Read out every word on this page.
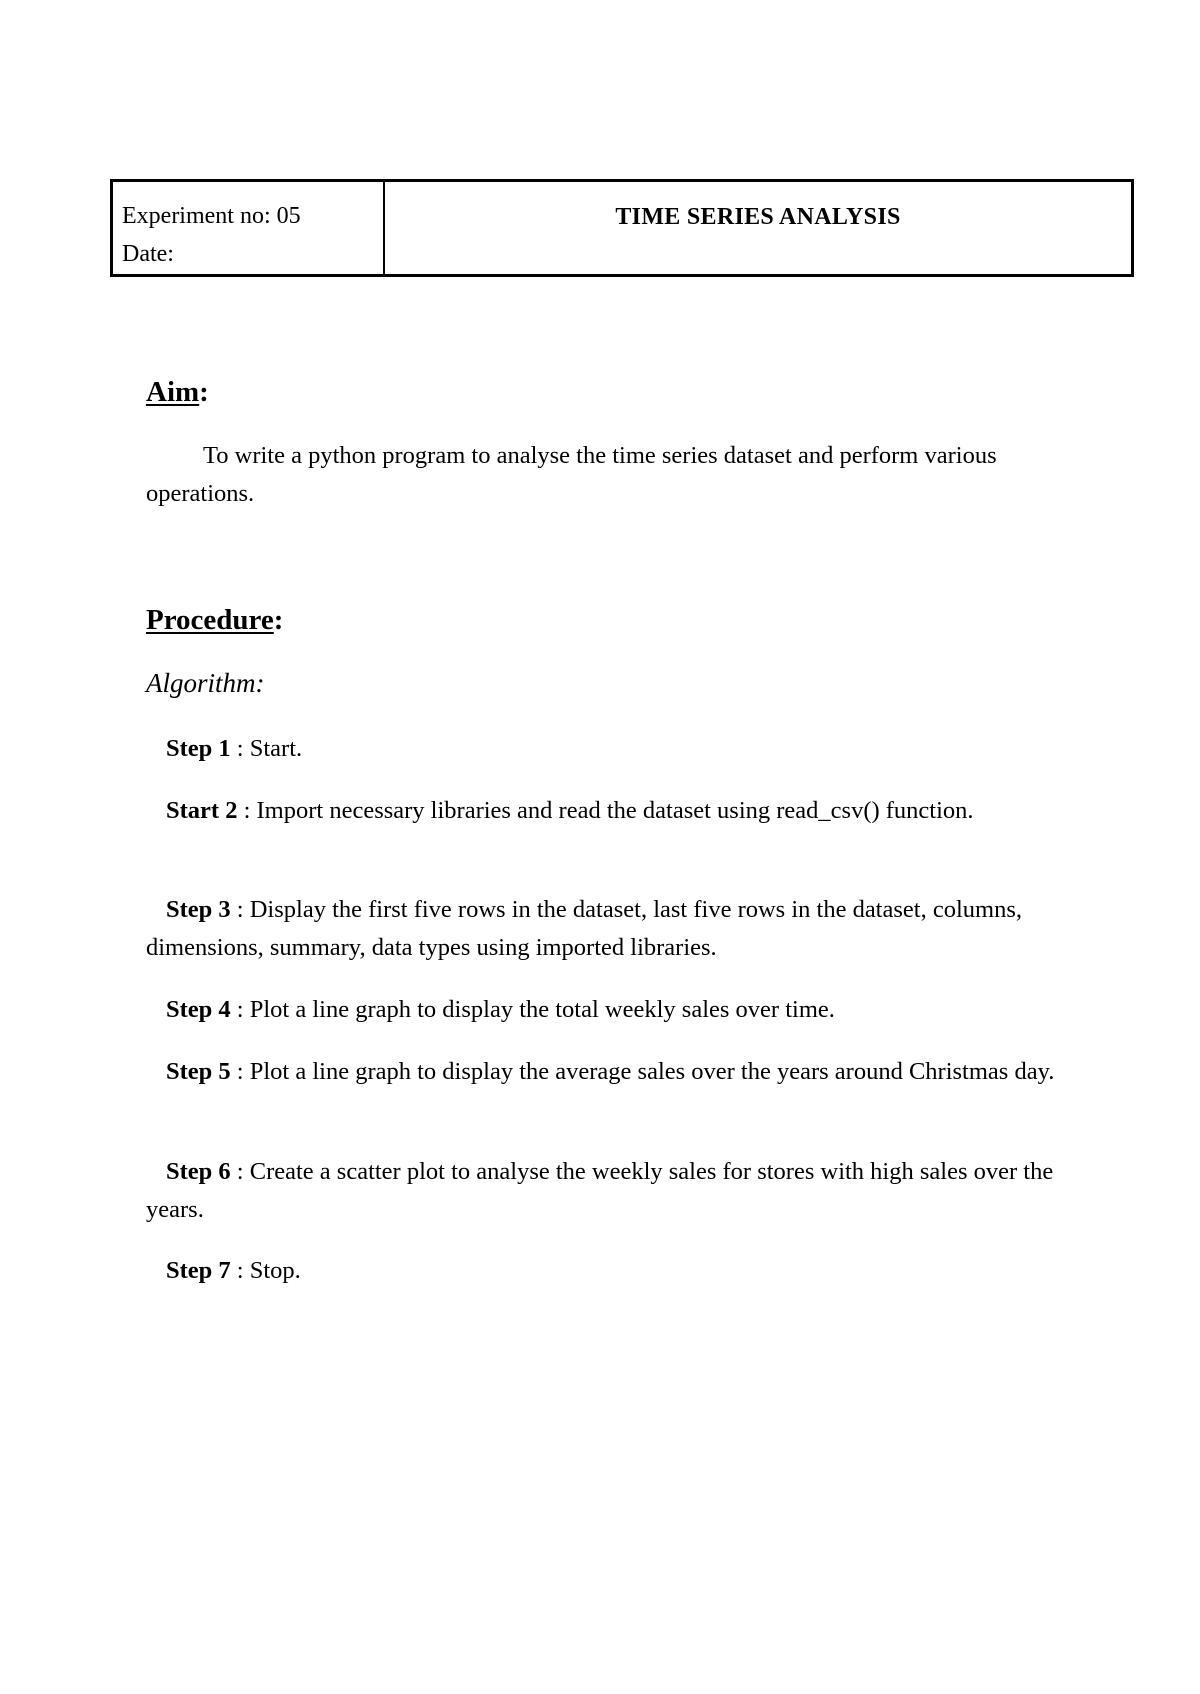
Experiment no: 05
Date:
TIME SERIES ANALYSIS
Aim:
To write a python program to analyse the time series dataset and perform various operations.
Procedure:
Algorithm:
Step 1 : Start.
Start 2 : Import necessary libraries and read the dataset using read_csv() function.
Step 3 : Display the first five rows in the dataset, last five rows in the dataset, columns, dimensions, summary, data types using imported libraries.
Step 4 : Plot a line graph to display the total weekly sales over time.
Step 5 : Plot a line graph to display the average sales over the years around Christmas day.
Step 6 : Create a scatter plot to analyse the weekly sales for stores with high sales over the years.
Step 7 : Stop.
